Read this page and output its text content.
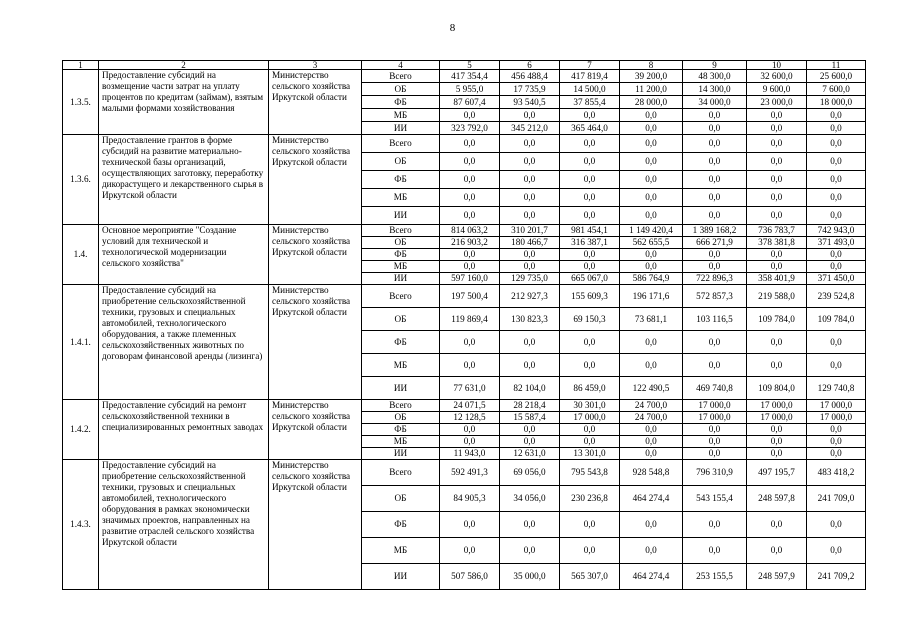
8
1	2	3	4	5	6	7	8	9	10	11
1.3.5.	Предоставление субсидий на возмещение части затрат на уплату процентов по кредитам (займам), взятым малыми формами хозяйствования	Министерство сельского хозяйства Иркутской области	Всего	417 354,4	456 488,4	417 819,4	39 200,0	48 300,0	32 600,0	25 600,0
			ОБ	5 955,0	17 735,9	14 500,0	11 200,0	14 300,0	9 600,0	7 600,0
			ФБ	87 607,4	93 540,5	37 855,4	28 000,0	34 000,0	23 000,0	18 000,0
			МБ	0,0	0,0	0,0	0,0	0,0	0,0	0,0
			ИИ	323 792,0	345 212,0	365 464,0	0,0	0,0	0,0	0,0
1.3.6.	Предоставление грантов в форме субсидий на развитие материально-технической базы организаций, осуществляющих заготовку, переработку дикорастущего и лекарственного сырья в Иркутской области	Министерство сельского хозяйства Иркутской области	Всего	0,0	0,0	0,0	0,0	0,0	0,0	0,0
			ОБ	0,0	0,0	0,0	0,0	0,0	0,0	0,0
			ФБ	0,0	0,0	0,0	0,0	0,0	0,0	0,0
			МБ	0,0	0,0	0,0	0,0	0,0	0,0	0,0
			ИИ	0,0	0,0	0,0	0,0	0,0	0,0	0,0
1.4.	Основное мероприятие "Создание условий для технической и технологической модернизации сельского хозяйства"	Министерство сельского хозяйства Иркутской области	Всего	814 063,2	310 201,7	981 454,1	1 149 420,4	1 389 168,2	736 783,7	742 943,0
			ОБ	216 903,2	180 466,7	316 387,1	562 655,5	666 271,9	378 381,8	371 493,0
			ФБ	0,0	0,0	0,0	0,0	0,0	0,0	0,0
			МБ	0,0	0,0	0,0	0,0	0,0	0,0	0,0
			ИИ	597 160,0	129 735,0	665 067,0	586 764,9	722 896,3	358 401,9	371 450,0
1.4.1.	Предоставление субсидий на приобретение сельскохозяйственной техники, грузовых и специальных автомобилей, технологического оборудования, а также племенных сельскохозяйственных животных по договорам финансовой аренды (лизинга)	Министерство сельского хозяйства Иркутской области	Всего	197 500,4	212 927,3	155 609,3	196 171,6	572 857,3	219 588,0	239 524,8
			ОБ	119 869,4	130 823,3	69 150,3	73 681,1	103 116,5	109 784,0	109 784,0
			ФБ	0,0	0,0	0,0	0,0	0,0	0,0	0,0
			МБ	0,0	0,0	0,0	0,0	0,0	0,0	0,0
			ИИ	77 631,0	82 104,0	86 459,0	122 490,5	469 740,8	109 804,0	129 740,8
1.4.2.	Предоставление субсидий на ремонт сельскохозяйственной техники в специализированных ремонтных заводах	Министерство сельского хозяйства Иркутской области	Всего	24 071,5	28 218,4	30 301,0	24 700,0	17 000,0	17 000,0	17 000,0
			ОБ	12 128,5	15 587,4	17 000,0	24 700,0	17 000,0	17 000,0	17 000,0
			ФБ	0,0	0,0	0,0	0,0	0,0	0,0	0,0
			МБ	0,0	0,0	0,0	0,0	0,0	0,0	0,0
			ИИ	11 943,0	12 631,0	13 301,0	0,0	0,0	0,0	0,0
1.4.3.	Предоставление субсидий на приобретение сельскохозяйственной техники, грузовых и специальных автомобилей, технологического оборудования в рамках экономически значимых проектов, направленных на развитие отраслей сельского хозяйства Иркутской области	Министерство сельского хозяйства Иркутской области	Всего	592 491,3	69 056,0	795 543,8	928 548,8	796 310,9	497 195,7	483 418,2
			ОБ	84 905,3	34 056,0	230 236,8	464 274,4	543 155,4	248 597,8	241 709,0
			ФБ	0,0	0,0	0,0	0,0	0,0	0,0	0,0
			МБ	0,0	0,0	0,0	0,0	0,0	0,0	0,0
			ИИ	507 586,0	35 000,0	565 307,0	464 274,4	253 155,5	248 597,9	241 709,2
